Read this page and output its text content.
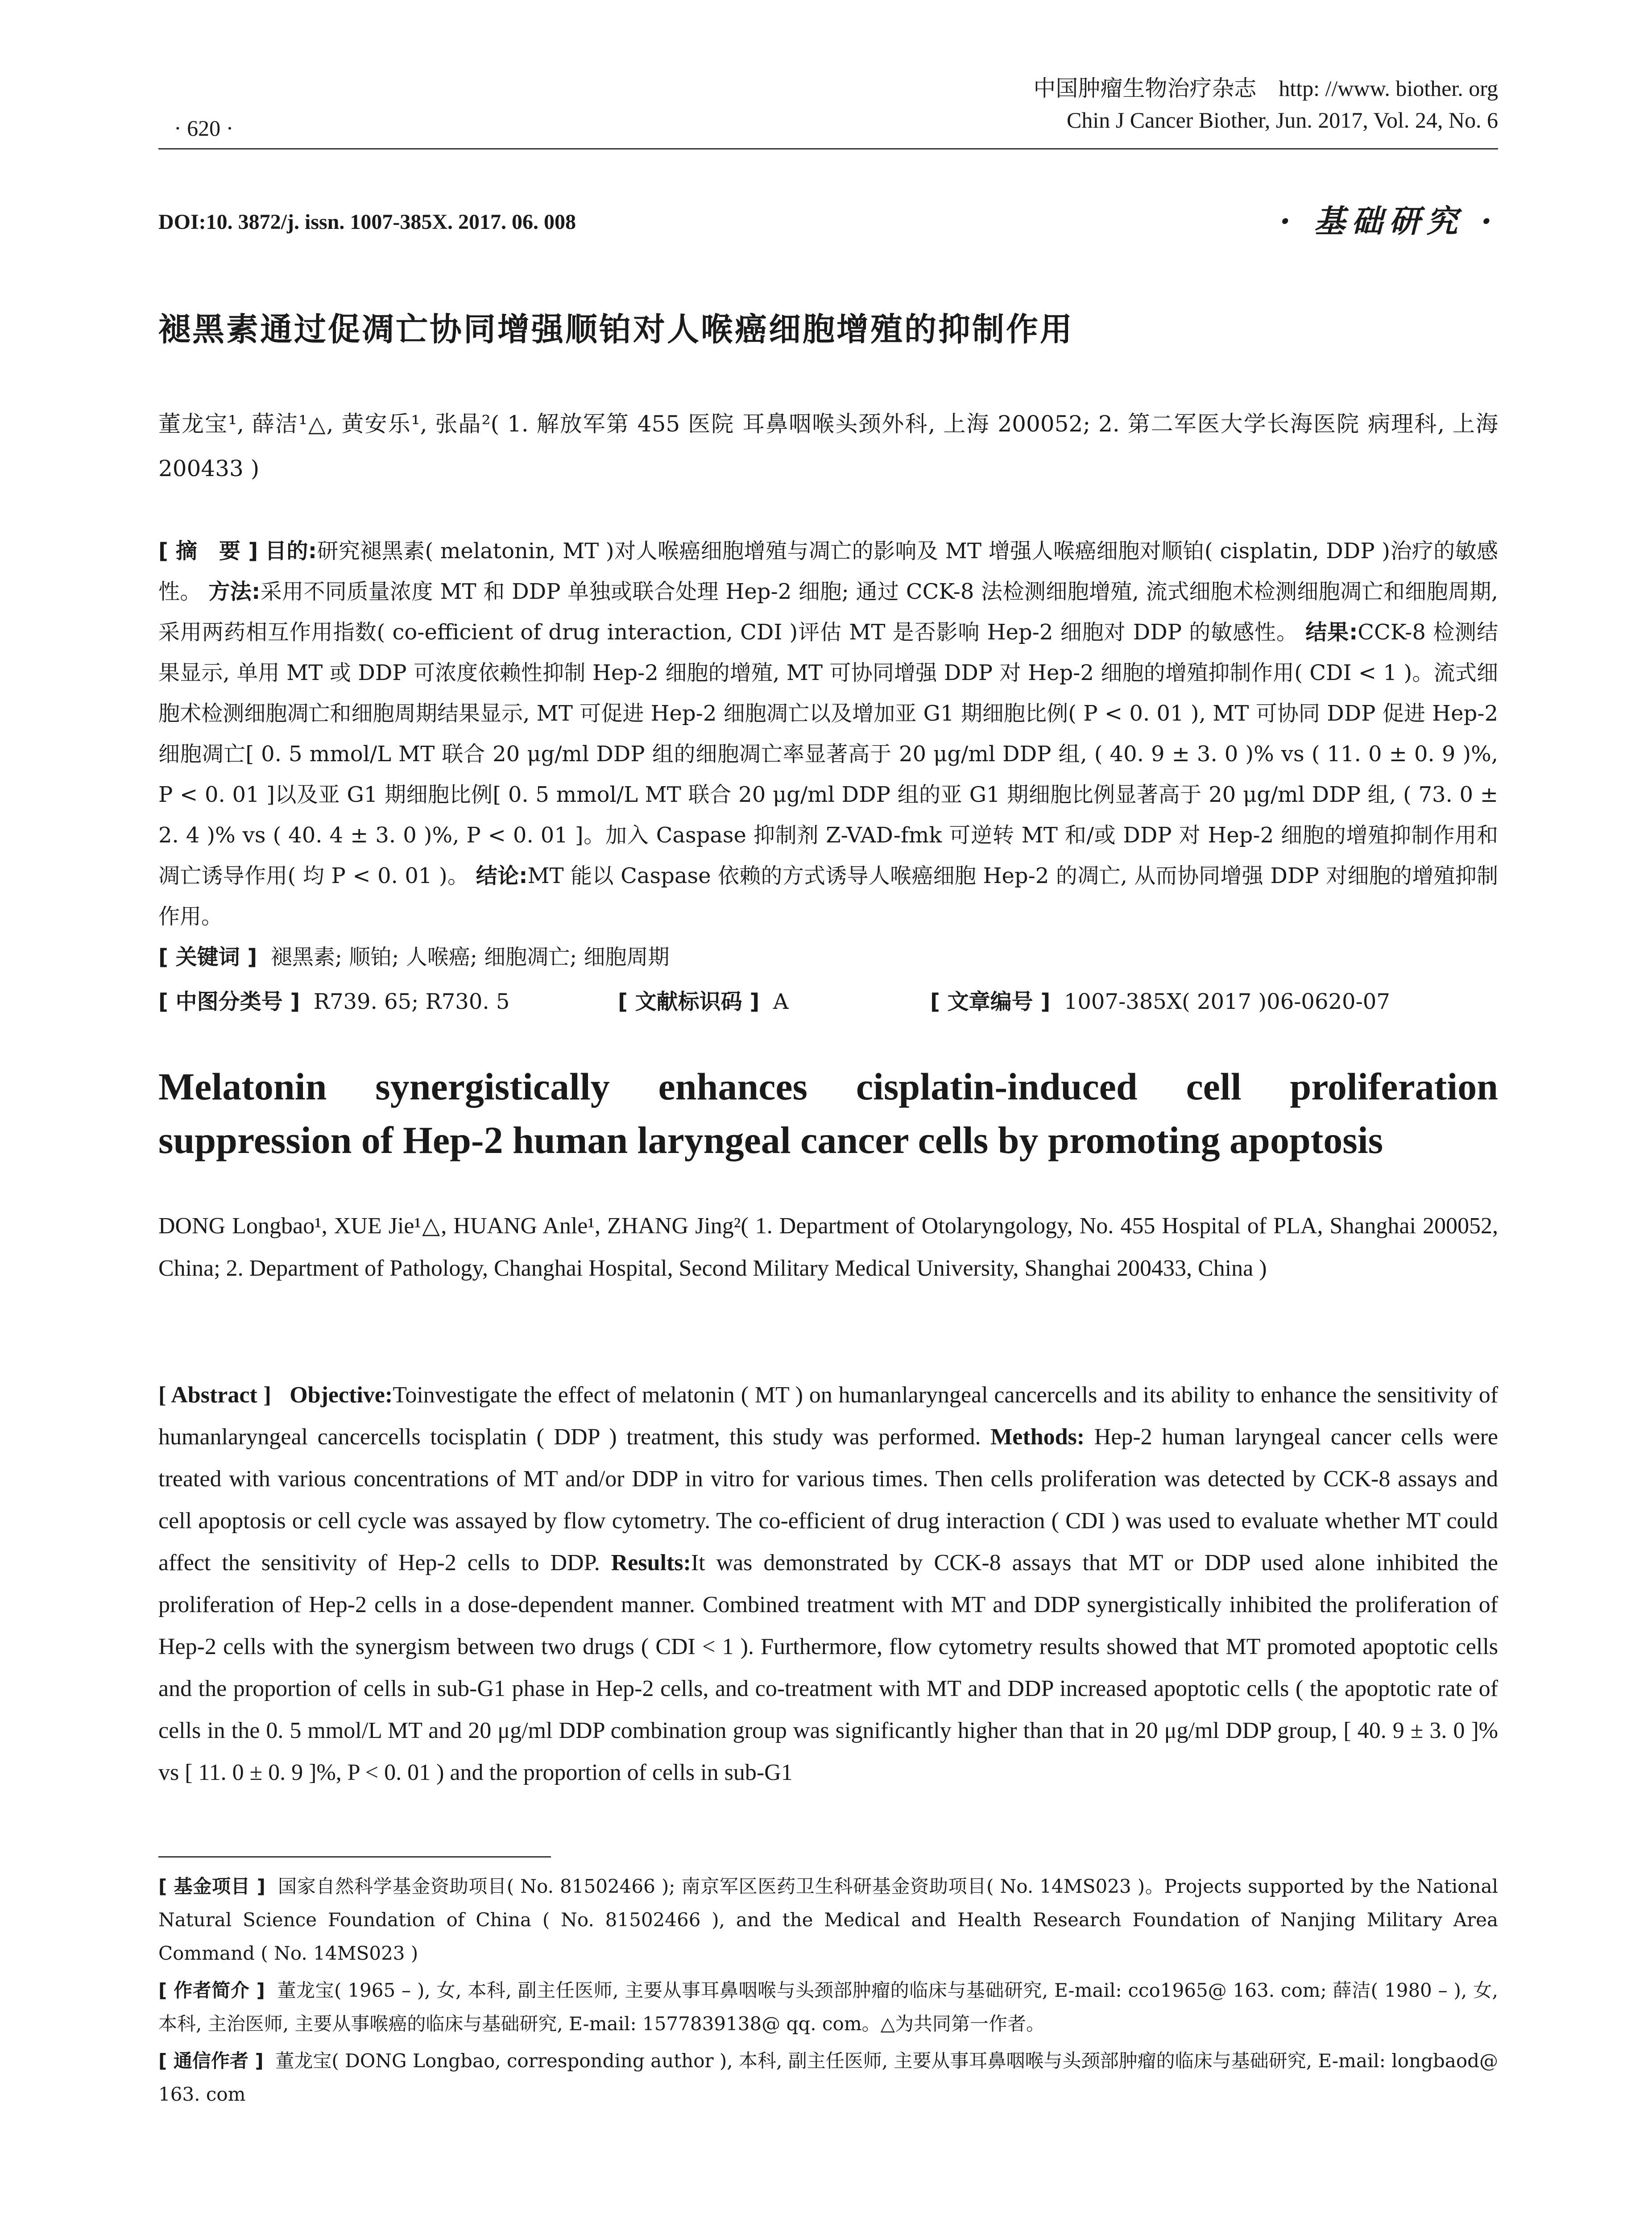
· 620 ·
中国肿瘤生物治疗杂志　http: //www. biother. org
Chin J Cancer Biother, Jun. 2017, Vol. 24, No. 6
DOI:10. 3872/j. issn. 1007-385X. 2017. 06. 008	· 基础研究 ·
褪黑素通过促凋亡协同增强顺铂对人喉癌细胞增殖的抑制作用
董龙宝¹, 薛洁¹△, 黄安乐¹, 张晶²( 1. 解放军第 455 医院 耳鼻咽喉头颈外科, 上海 200052; 2. 第二军医大学长海医院 病理科, 上海 200433 )
[ 摘　要 ] 目的:研究褪黑素( melatonin, MT )对人喉癌细胞增殖与凋亡的影响及 MT 增强人喉癌细胞对顺铂( cisplatin, DDP )治疗的敏感性。 方法:采用不同质量浓度 MT 和 DDP 单独或联合处理 Hep-2 细胞; 通过 CCK-8 法检测细胞增殖, 流式细胞术检测细胞凋亡和细胞周期, 采用两药相互作用指数( co-efficient of drug interaction, CDI )评估 MT 是否影响 Hep-2 细胞对 DDP 的敏感性。 结果:CCK-8 检测结果显示, 单用 MT 或 DDP 可浓度依赖性抑制 Hep-2 细胞的增殖, MT 可协同增强 DDP 对 Hep-2 细胞的增殖抑制作用( CDI < 1 )。流式细胞术检测细胞凋亡和细胞周期结果显示, MT 可促进 Hep-2 细胞凋亡以及增加亚 G1 期细胞比例( P < 0. 01 ), MT 可协同 DDP 促进 Hep-2 细胞凋亡[ 0. 5 mmol/L MT 联合 20 μg/ml DDP 组的细胞凋亡率显著高于 20 μg/ml DDP 组, ( 40. 9 ± 3. 0 )% vs ( 11. 0 ± 0. 9 )%, P < 0. 01 ]以及亚 G1 期细胞比例[ 0. 5 mmol/L MT 联合 20 μg/ml DDP 组的亚 G1 期细胞比例显著高于 20 μg/ml DDP 组, ( 73. 0 ± 2. 4 )% vs ( 40. 4 ± 3. 0 )%, P < 0. 01 ]。加入 Caspase 抑制剂 Z-VAD-fmk 可逆转 MT 和/或 DDP 对 Hep-2 细胞的增殖抑制作用和凋亡诱导作用( 均 P < 0. 01 )。 结论:MT 能以 Caspase 依赖的方式诱导人喉癌细胞 Hep-2 的凋亡, 从而协同增强 DDP 对细胞的增殖抑制作用。
[ 关键词 ] 褪黑素; 顺铂; 人喉癌; 细胞凋亡; 细胞周期
[ 中图分类号 ] R739. 65; R730. 5	[ 文献标识码 ] A	[ 文章编号 ] 1007-385X( 2017 )06-0620-07
Melatonin synergistically enhances cisplatin-induced cell proliferation suppression of Hep-2 human laryngeal cancer cells by promoting apoptosis
DONG Longbao¹, XUE Jie¹△, HUANG Anle¹, ZHANG Jing²( 1. Department of Otolaryngology, No. 455 Hospital of PLA, Shanghai 200052, China; 2. Department of Pathology, Changhai Hospital, Second Military Medical University, Shanghai 200433, China )
[ Abstract ] Objective:Toinvestigate the effect of melatonin ( MT ) on humanlaryngeal cancercells and its ability to enhance the sensitivity of humanlaryngeal cancercells tocisplatin ( DDP ) treatment, this study was performed. Methods: Hep-2 human laryngeal cancer cells were treated with various concentrations of MT and/or DDP in vitro for various times. Then cells proliferation was detected by CCK-8 assays and cell apoptosis or cell cycle was assayed by flow cytometry. The co-efficient of drug interaction ( CDI ) was used to evaluate whether MT could affect the sensitivity of Hep-2 cells to DDP. Results:It was demonstrated by CCK-8 assays that MT or DDP used alone inhibited the proliferation of Hep-2 cells in a dose-dependent manner. Combined treatment with MT and DDP synergistically inhibited the proliferation of Hep-2 cells with the synergism between two drugs ( CDI < 1 ). Furthermore, flow cytometry results showed that MT promoted apoptotic cells and the proportion of cells in sub-G1 phase in Hep-2 cells, and co-treatment with MT and DDP increased apoptotic cells ( the apoptotic rate of cells in the 0. 5 mmol/L MT and 20 μg/ml DDP combination group was significantly higher than that in 20 μg/ml DDP group, [ 40. 9 ± 3. 0 ]% vs [ 11. 0 ± 0. 9 ]%, P < 0. 01 ) and the proportion of cells in sub-G1

[ 基金项目 ] 国家自然科学基金资助项目( No. 81502466 ); 南京军区医药卫生科研基金资助项目( No. 14MS023 )。Projects supported by the National Natural Science Foundation of China ( No. 81502466 ), and the Medical and Health Research Foundation of Nanjing Military Area Command ( No. 14MS023 )

[ 作者简介 ] 董龙宝( 1965 – ), 女, 本科, 副主任医师, 主要从事耳鼻咽喉与头颈部肿瘤的临床与基础研究, E-mail: cco1965@ 163. com; 薛洁( 1980 – ), 女, 本科, 主治医师, 主要从事喉癌的临床与基础研究, E-mail: 1577839138@ qq. com。△为共同第一作者。

[ 通信作者 ] 董龙宝( DONG Longbao, corresponding author ), 本科, 副主任医师, 主要从事耳鼻咽喉与头颈部肿瘤的临床与基础研究, E-mail: longbaod@ 163. com
